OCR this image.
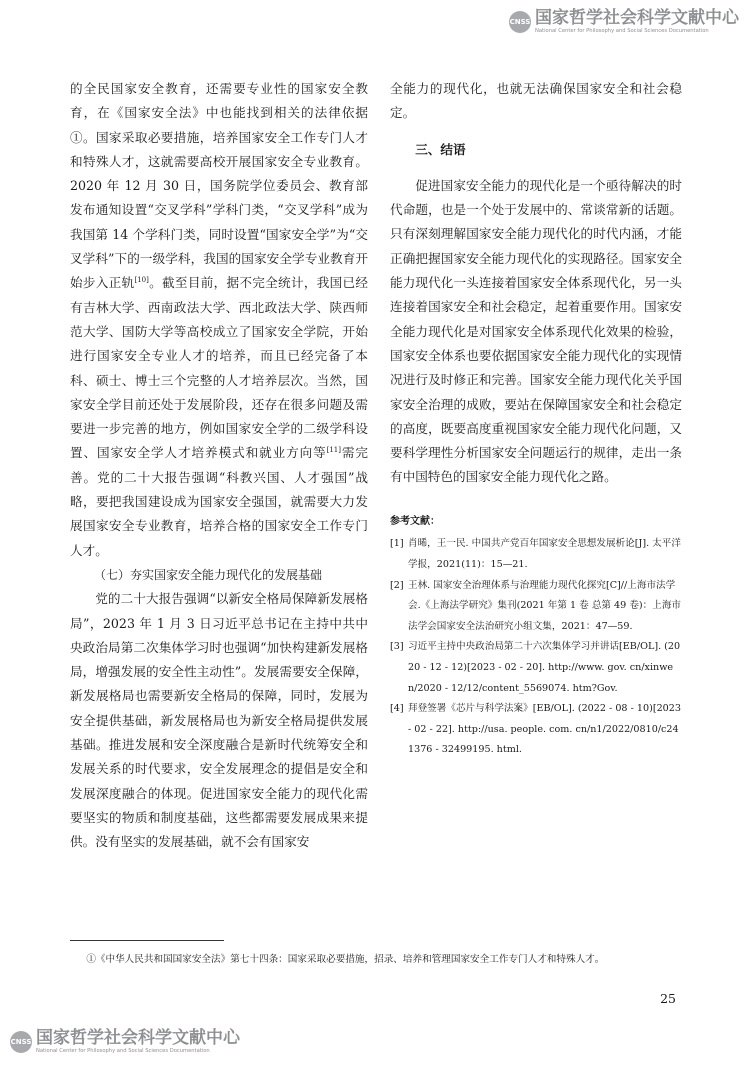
CNSS 国家哲学社会科学文献中心
National Center for Philosophy and Social Sciences Documentation

的全民国家安全教育，还需要专业性的国家安全教育，在《国家安全法》中也能找到相关的法律依据①。国家采取必要措施，培养国家安全工作专门人才和特殊人才，这就需要高校开展国家安全专业教育。2020 年 12 月 30 日，国务院学位委员会、教育部发布通知设置“交叉学科”学科门类，“交叉学科”成为我国第 14 个学科门类，同时设置“国家安全学”为“交叉学科”下的一级学科，我国的国家安全学专业教育开始步入正轨[10]。截至目前，据不完全统计，我国已经有吉林大学、西南政法大学、西北政法大学、陕西师范大学、国防大学等高校成立了国家安全学院，开始进行国家安全专业人才的培养，而且已经完备了本科、硕士、博士三个完整的人才培养层次。当然，国家安全学目前还处于发展阶段，还存在很多问题及需要进一步完善的地方，例如国家安全学的二级学科设置、国家安全学人才培养模式和就业方向等[11]需完善。党的二十大报告强调“科教兴国、人才强国”战略，要把我国建设成为国家安全强国，就需要大力发展国家安全专业教育，培养合格的国家安全工作专门人才。

（七）夯实国家安全能力现代化的发展基础

党的二十大报告强调“以新安全格局保障新发展格局”，2023 年 1 月 3 日习近平总书记在主持中共中央政治局第二次集体学习时也强调“加快构建新发展格局，增强发展的安全性主动性”。发展需要安全保障，新发展格局也需要新安全格局的保障，同时，发展为安全提供基础，新发展格局也为新安全格局提供发展基础。推进发展和安全深度融合是新时代统筹安全和发展关系的时代要求，安全发展理念的提倡是安全和发展深度融合的体现。促进国家安全能力的现代化需要坚实的物质和制度基础，这些都需要发展成果来提供。没有坚实的发展基础，就不会有国家安

全能力的现代化，也就无法确保国家安全和社会稳定。

三、结语

促进国家安全能力的现代化是一个亟待解决的时代命题，也是一个处于发展中的、常谈常新的话题。只有深刻理解国家安全能力现代化的时代内涵，才能正确把握国家安全能力现代化的实现路径。国家安全能力现代化一头连接着国家安全体系现代化，另一头连接着国家安全和社会稳定，起着重要作用。国家安全能力现代化是对国家安全体系现代化效果的检验，国家安全体系也要依据国家安全能力现代化的实现情况进行及时修正和完善。国家安全能力现代化关乎国家安全治理的成败，要站在保障国家安全和社会稳定的高度，既要高度重视国家安全能力现代化问题，又要科学理性分析国家安全问题运行的规律，走出一条有中国特色的国家安全能力现代化之路。

参考文献：
[1] 肖晞，王一民. 中国共产党百年国家安全思想发展析论[J]. 太平洋学报，2021(11)：15—21.
[2] 王林. 国家安全治理体系与治理能力现代化探究[C]//上海市法学会.《上海法学研究》集刊(2021 年第 1 卷 总第 49 卷)：上海市法学会国家安全法治研究小组文集，2021：47—59.
[3] 习近平主持中央政治局第二十六次集体学习并讲话[EB/OL]. (2020 - 12 - 12)[2023 - 02 - 20]. http://www. gov. cn/xinwen/2020 - 12/12/content_5569074. htm?Gov.
[4] 拜登签署《芯片与科学法案》[EB/OL]. (2022 - 08 - 10)[2023 - 02 - 22]. http://usa. people. com. cn/n1/2022/0810/c241376 - 32499195. html.
①《中华人民共和国国家安全法》第七十四条：国家采取必要措施，招录、培养和管理国家安全工作专门人才和特殊人才。
25
CNSS 国家哲学社会科学文献中心
National Center for Philosophy and Social Sciences Documentation
